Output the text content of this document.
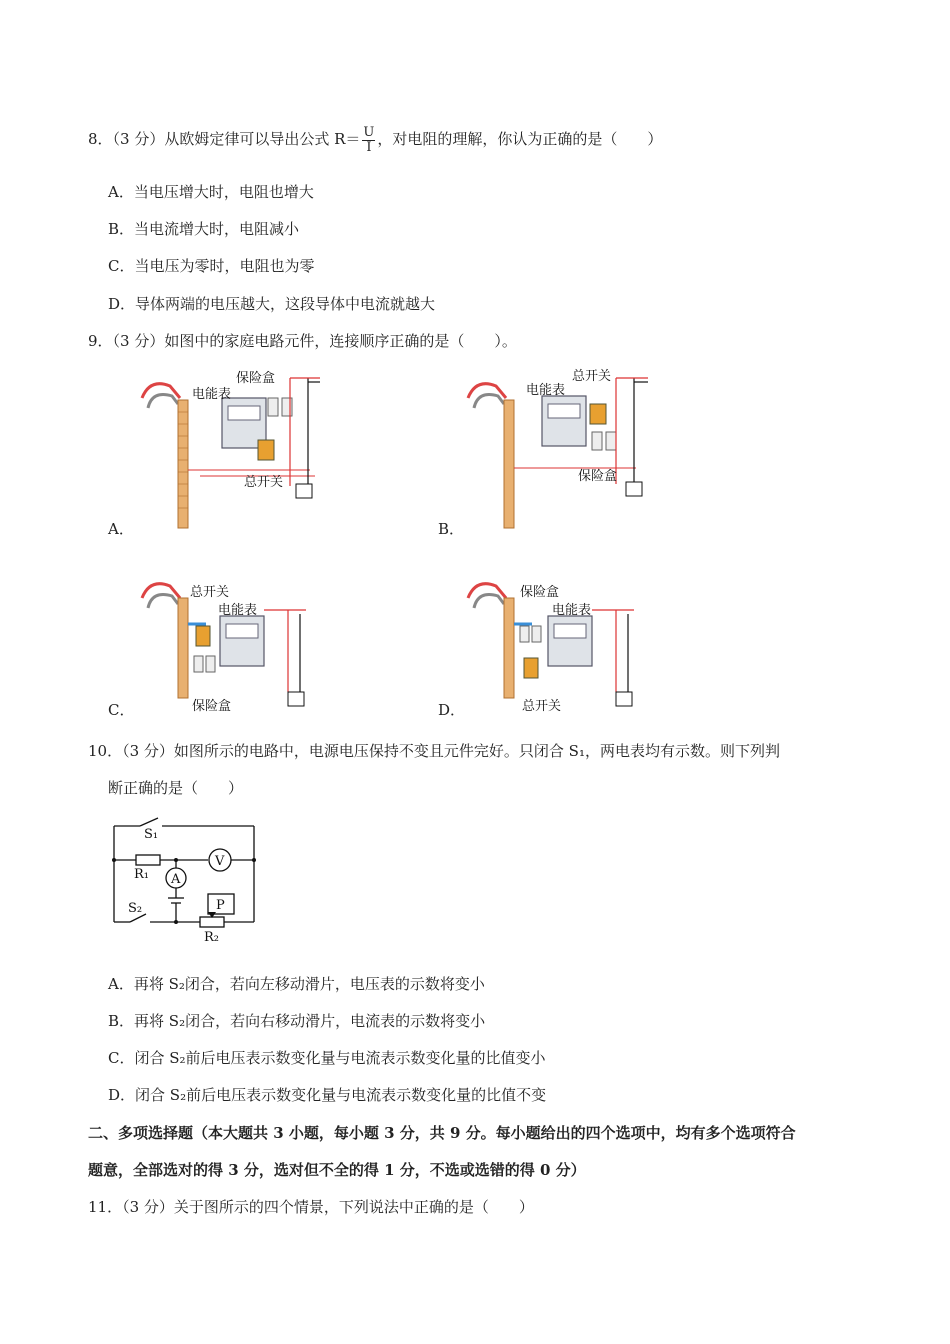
8．（3 分）从欧姆定律可以导出公式 $R= \frac{U}{I}$ ，对电阻的理解，你认为正确的是（　　）
A．当电压增大时，电阻也增大
B．当电流增大时，电阻减小
C．当电压为零时，电阻也为零
D．导体两端的电压越大，这段导体中电流就越大
9．（3 分）如图中的家庭电路元件，连接顺序正确的是（　　）。
电能表
保险盒
总开关
A．
电能表
总开关
保险盒
B．
总开关
电能表
保险盒
C．
保险盒
电能表
总开关
D．
10．（3 分）如图所示的电路中，电源电压保持不变且元件完好。只闭合 S₁，两电表均有示数。则下列判
断正确的是（　　）
S₁
R₁
V
A
S₂	P
R₂
A．再将 S₂闭合，若向左移动滑片，电压表的示数将变小
B．再将 S₂闭合，若向右移动滑片，电流表的示数将变小
C．闭合 S₂前后电压表示数变化量与电流表示数变化量的比值变小
D．闭合 S₂前后电压表示数变化量与电流表示数变化量的比值不变
二、多项选择题（本大题共 3 小题，每小题 3 分，共 9 分。每小题给出的四个选项中，均有多个选项符合
题意，全部选对的得 3 分，选对但不全的得 1 分，不选或选错的得 0 分）
11．（3 分）关于图所示的四个情景，下列说法中正确的是（　　）
